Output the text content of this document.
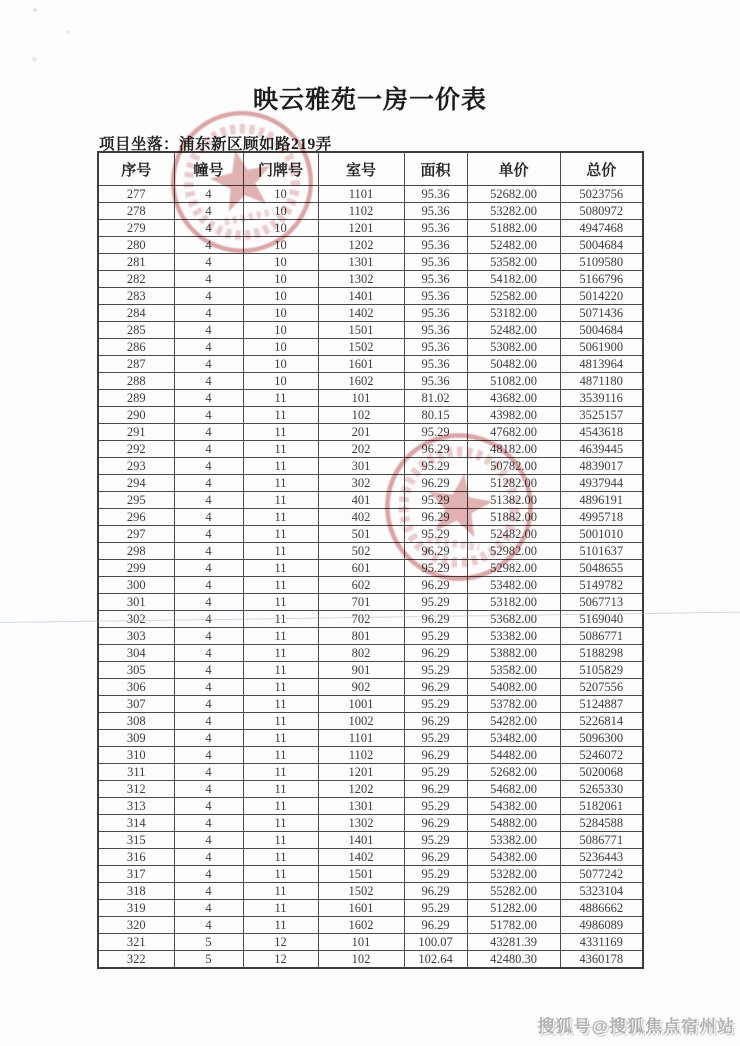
映云雅苑一房一价表
项目坐落：浦东新区顾如路219弄
序号	幢号	门牌号	室号	面积	单价	总价
277	4	10	1101	95.36	52682.00	5023756
278	4	10	1102	95.36	53282.00	5080972
279	4	10	1201	95.36	51882.00	4947468
280	4	10	1202	95.36	52482.00	5004684
281	4	10	1301	95.36	53582.00	5109580
282	4	10	1302	95.36	54182.00	5166796
283	4	10	1401	95.36	52582.00	5014220
284	4	10	1402	95.36	53182.00	5071436
285	4	10	1501	95.36	52482.00	5004684
286	4	10	1502	95.36	53082.00	5061900
287	4	10	1601	95.36	50482.00	4813964
288	4	10	1602	95.36	51082.00	4871180
289	4	11	101	81.02	43682.00	3539116
290	4	11	102	80.15	43982.00	3525157
291	4	11	201	95.29	47682.00	4543618
292	4	11	202	96.29	48182.00	4639445
293	4	11	301	95.29	50782.00	4839017
294	4	11	302	96.29	51282.00	4937944
295	4	11	401	95.29	51382.00	4896191
296	4	11	402	96.29	51882.00	4995718
297	4	11	501	95.29	52482.00	5001010
298	4	11	502	96.29	52982.00	5101637
299	4	11	601	95.29	52982.00	5048655
300	4	11	602	96.29	53482.00	5149782
301	4	11	701	95.29	53182.00	5067713
302	4	11	702	96.29	53682.00	5169040
303	4	11	801	95.29	53382.00	5086771
304	4	11	802	96.29	53882.00	5188298
305	4	11	901	95.29	53582.00	5105829
306	4	11	902	96.29	54082.00	5207556
307	4	11	1001	95.29	53782.00	5124887
308	4	11	1002	96.29	54282.00	5226814
309	4	11	1101	95.29	53482.00	5096300
310	4	11	1102	96.29	54482.00	5246072
311	4	11	1201	95.29	52682.00	5020068
312	4	11	1202	96.29	54682.00	5265330
313	4	11	1301	95.29	54382.00	5182061
314	4	11	1302	96.29	54882.00	5284588
315	4	11	1401	95.29	53382.00	5086771
316	4	11	1402	96.29	54382.00	5236443
317	4	11	1501	95.29	53282.00	5077242
318	4	11	1502	96.29	55282.00	5323104
319	4	11	1601	95.29	51282.00	4886662
320	4	11	1602	96.29	51782.00	4986089
321	5	12	101	100.07	43281.39	4331169
322	5	12	102	102.64	42480.30	4360178
搜狐号@搜狐焦点宿州站
